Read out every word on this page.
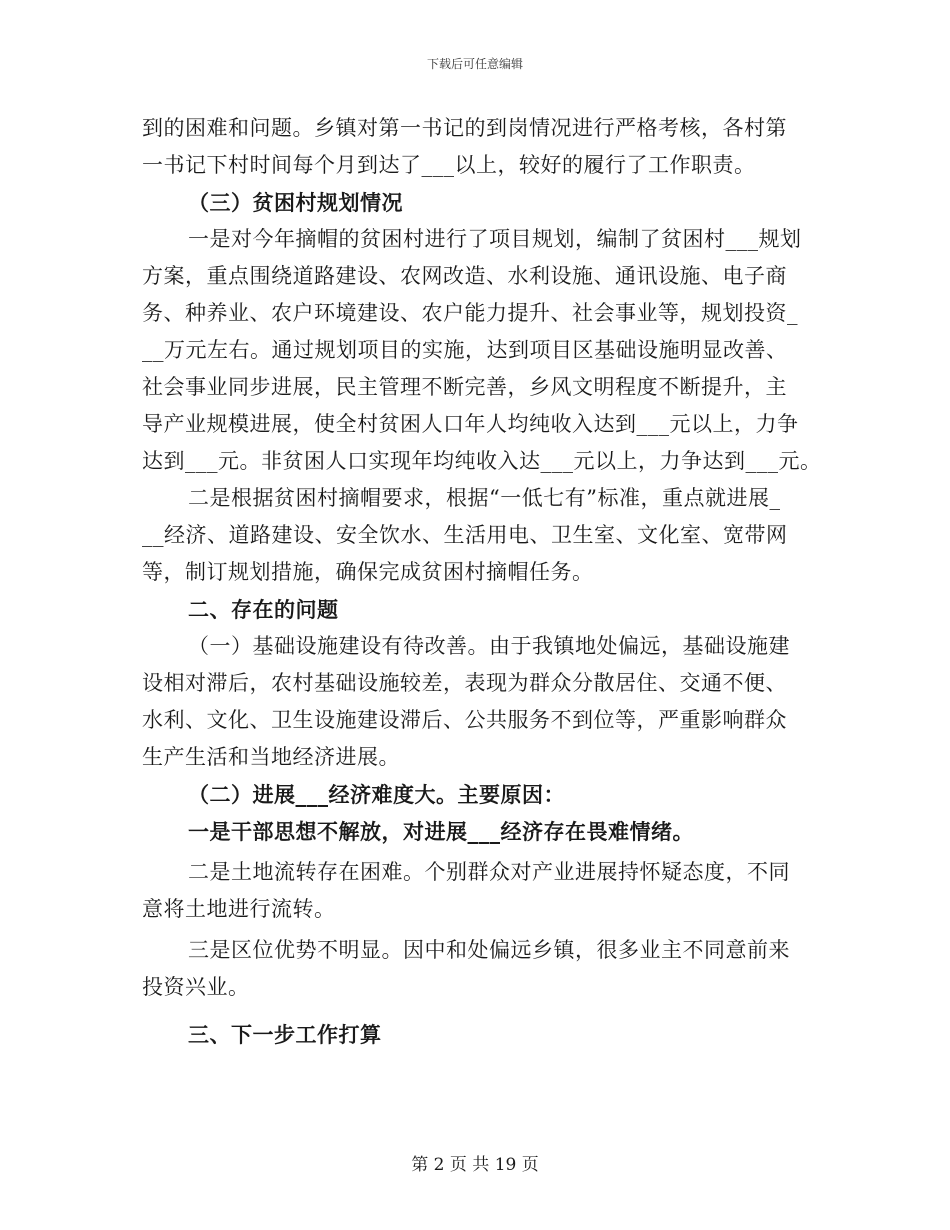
下载后可任意编辑
到的困难和问题。乡镇对第一书记的到岗情况进行严格考核，各村第
一书记下村时间每个月到达了___以上，较好的履行了工作职责。
（三）贫困村规划情况
一是对今年摘帽的贫困村进行了项目规划，编制了贫困村___规划
方案，重点围绕道路建设、农网改造、水利设施、通讯设施、电子商
务、种养业、农户环境建设、农户能力提升、社会事业等，规划投资_
__万元左右。通过规划项目的实施，达到项目区基础设施明显改善、
社会事业同步进展，民主管理不断完善，乡风文明程度不断提升，主
导产业规模进展，使全村贫困人口年人均纯收入达到___元以上，力争
达到___元。非贫困人口实现年均纯收入达___元以上，力争达到___元。
二是根据贫困村摘帽要求，根据“一低七有”标准，重点就进展_
__经济、道路建设、安全饮水、生活用电、卫生室、文化室、宽带网
等，制订规划措施，确保完成贫困村摘帽任务。
二、存在的问题
（一）基础设施建设有待改善。由于我镇地处偏远，基础设施建
设相对滞后，农村基础设施较差，表现为群众分散居住、交通不便、
水利、文化、卫生设施建设滞后、公共服务不到位等，严重影响群众
生产生活和当地经济进展。
（二）进展___经济难度大。主要原因：
一是干部思想不解放，对进展___经济存在畏难情绪。
二是土地流转存在困难。个别群众对产业进展持怀疑态度，不同
意将土地进行流转。
三是区位优势不明显。因中和处偏远乡镇，很多业主不同意前来
投资兴业。
三、下一步工作打算
第 2 页 共 19 页
